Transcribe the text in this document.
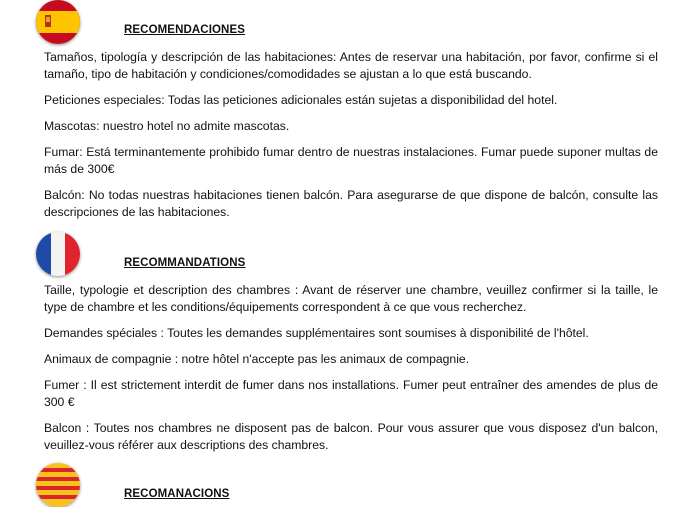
RECOMENDACIONES

Tamaños, tipología y descripción de las habitaciones: Antes de reservar una habitación, por favor, confirme si el tamaño, tipo de habitación y condiciones/comodidades se ajustan a lo que está buscando.

Peticiones especiales: Todas las peticiones adicionales están sujetas a disponibilidad del hotel.

Mascotas: nuestro hotel no admite mascotas.

Fumar: Está terminantemente prohibido fumar dentro de nuestras instalaciones. Fumar puede suponer multas de más de 300€

Balcón: No todas nuestras habitaciones tienen balcón. Para asegurarse de que dispone de balcón, consulte las descripciones de las habitaciones.

RECOMMANDATIONS

Taille, typologie et description des chambres : Avant de réserver une chambre, veuillez confirmer si la taille, le type de chambre et les conditions/équipements correspondent à ce que vous recherchez.

Demandes spéciales : Toutes les demandes supplémentaires sont soumises à disponibilité de l'hôtel.

Animaux de compagnie : notre hôtel n'accepte pas les animaux de compagnie.

Fumer : Il est strictement interdit de fumer dans nos installations. Fumer peut entraîner des amendes de plus de 300 €

Balcon : Toutes nos chambres ne disposent pas de balcon. Pour vous assurer que vous disposez d'un balcon, veuillez-vous référer aux descriptions des chambres.

RECOMANACIONS
